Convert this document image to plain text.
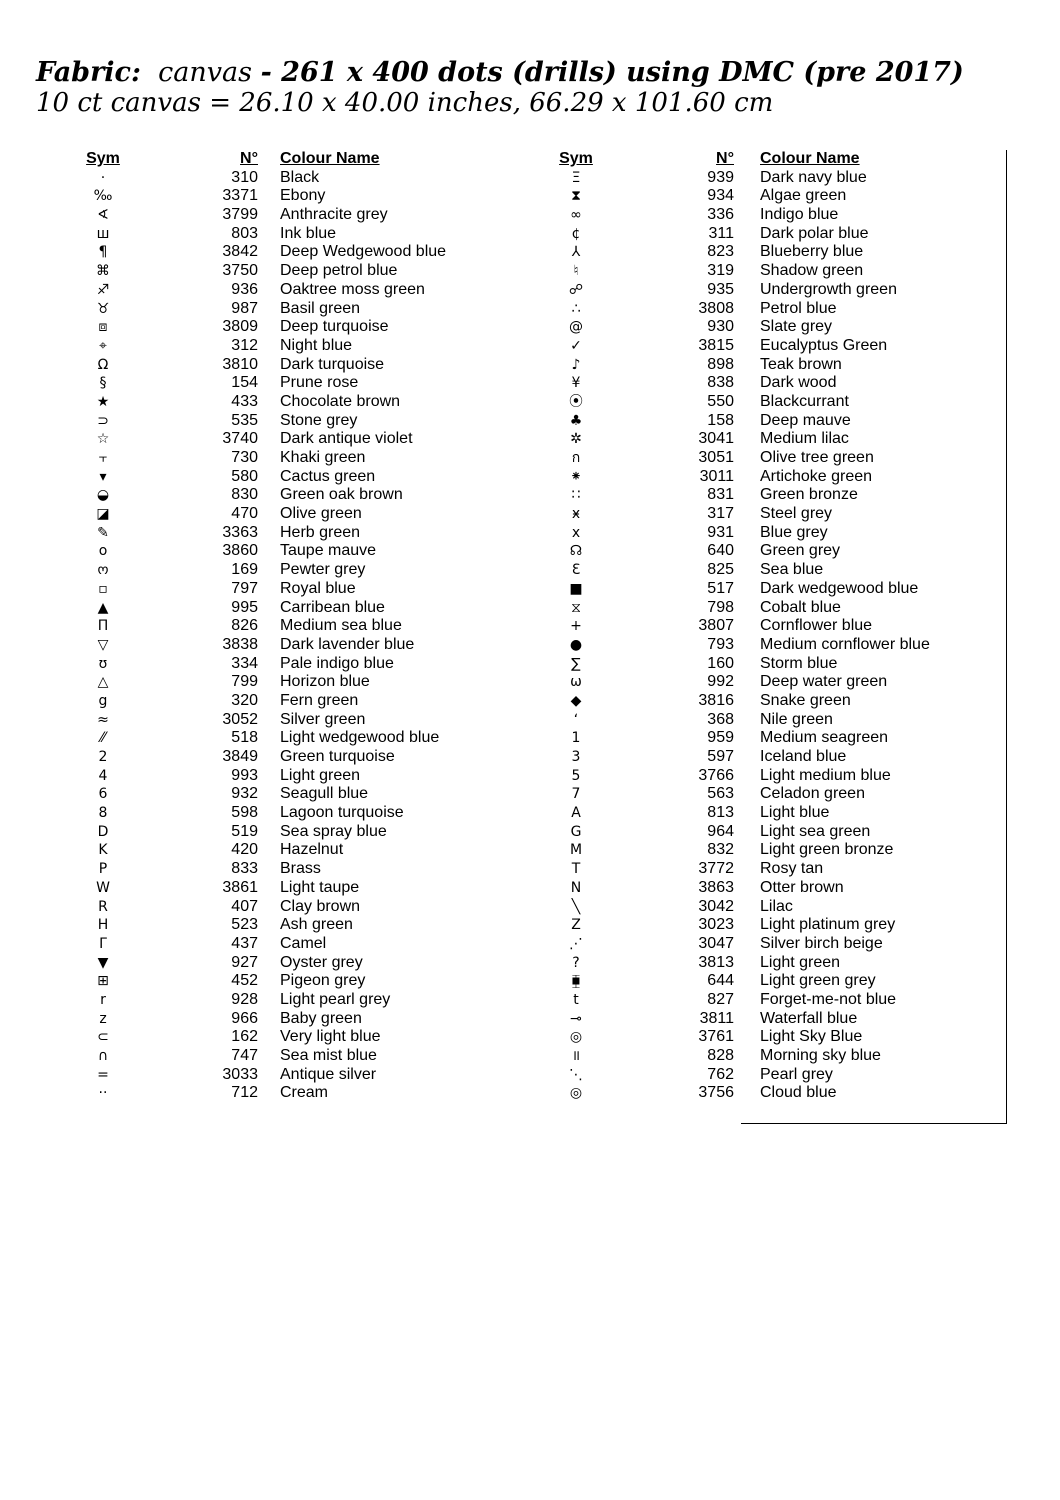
Fabric: canvas - 261 x 400 dots (drills) using DMC (pre 2017)
10 ct canvas = 26.10 x 40.00 inches, 66.29 x 101.60 cm
Sym	N° Colour Name
·	310 Black
‰	3371 Ebony
∢	3799 Anthracite grey
ш	803 Ink blue
¶	3842 Deep Wedgewood blue
⌘	3750 Deep petrol blue
♐	936 Oaktree moss green
♉	987 Basil green
⧈	3809 Deep turquoise
⌖	312 Night blue
Ω	3810 Dark turquoise
§	154 Prune rose
★	433 Chocolate brown
⊃	535 Stone grey
☆	3740 Dark antique violet
⫟	730 Khaki green
▾	580 Cactus green
◒	830 Green oak brown
◪	470 Olive green
✎	3363 Herb green
o	3860 Taupe mauve
ო	169 Pewter grey
▫	797 Royal blue
▲	995 Carribean blue
Π	826 Medium sea blue
▽	3838 Dark lavender blue
ʊ	334 Pale indigo blue
△	799 Horizon blue
g	320 Fern green
≈	3052 Silver green
⁄⁄	518 Light wedgewood blue
2	3849 Green turquoise
4	993 Light green
6	932 Seagull blue
8	598 Lagoon turquoise
D	519 Sea spray blue
K	420 Hazelnut
P	833 Brass
W	3861 Light taupe
R	407 Clay brown
H	523 Ash green
Γ	437 Camel
▼	927 Oyster grey
⊞	452 Pigeon grey
r	928 Light pearl grey
z	966 Baby green
⊂	162 Very light blue
∩	747 Sea mist blue
=	3033 Antique silver
··	712 Cream
Sym	N° Colour Name
Ξ	939 Dark navy blue
⧗	934 Algae green
∞	336 Indigo blue
¢	311 Dark polar blue
⅄	823 Blueberry blue
♮	319 Shadow green
☍	935 Undergrowth green
∴	3808 Petrol blue
@	930 Slate grey
✓	3815 Eucalyptus Green
♪	898 Teak brown
¥	838 Dark wood
⦿	550 Blackcurrant
♣	158 Deep mauve
✲	3041 Medium lilac
ก	3051 Olive tree green
⁕	3011 Artichoke green
∷	831 Green bronze
ӿ	317 Steel grey
x	931 Blue grey
☊	640 Green grey
Ɛ	825 Sea blue
■	517 Dark wedgewood blue
⧖	798 Cobalt blue
+	3807 Cornflower blue
●	793 Medium cornflower blue
∑	160 Storm blue
ω	992 Deep water green
◆	3816 Snake green
ʻ	368 Nile green
1	959 Medium seagreen
3	597 Iceland blue
5	3766 Light medium blue
7	563 Celadon green
A	813 Light blue
G	964 Light sea green
M	832 Light green bronze
T	3772 Rosy tan
N	3863 Otter brown
╲	3042 Lilac
Z	3023 Light platinum grey
⋰	3047 Silver birch beige
?	3813 Light green
⧯	644 Light green grey
t	827 Forget-me-not blue
⊸	3811 Waterfall blue
◎	3761 Light Sky Blue
॥	828 Morning sky blue
⋱	762 Pearl grey
◎	3756 Cloud blue
